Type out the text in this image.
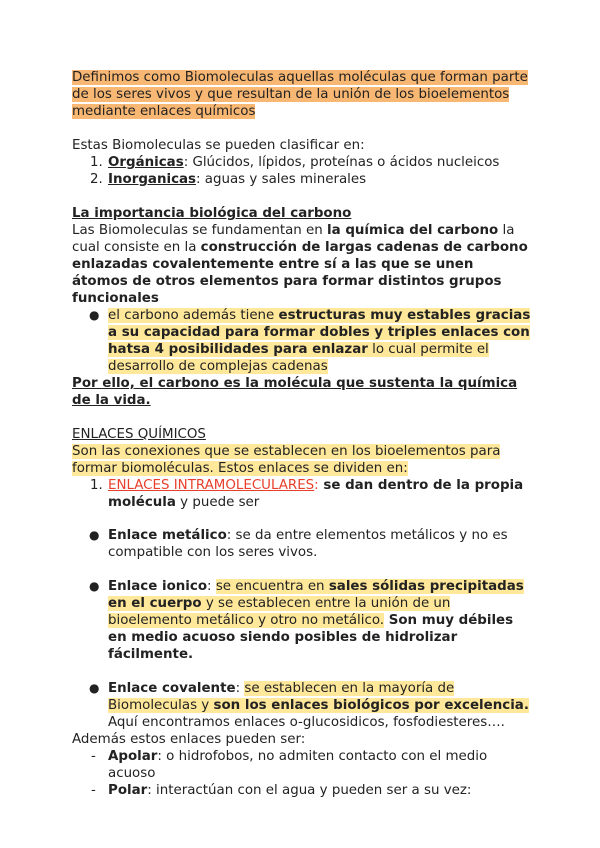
Definimos como Biomoleculas aquellas moléculas que forman parte de los seres vivos y que resultan de la unión de los bioelementos mediante enlaces químicos

Estas Biomoleculas se pueden clasificar en:

1. Orgánicas: Glúcidos, lípidos, proteínas o ácidos nucleicos
2. Inorganicas: aguas y sales minerales

La importancia biológica del carbono

Las Biomoleculas se fundamentan en la química del carbono la cual consiste en la construcción de largas cadenas de carbono enlazadas covalentemente entre sí a las que se unen átomos de otros elementos para formar distintos grupos funcionales

● el carbono además tiene estructuras muy estables gracias a su capacidad para formar dobles y triples enlaces con hatsa 4 posibilidades para enlazar lo cual permite el desarrollo de complejas cadenas

Por ello, el carbono es la molécula que sustenta la química de la vida.

ENLACES QUÍMICOS

Son las conexiones que se establecen en los bioelementos para formar biomoléculas. Estos enlaces se dividen en:

1. ENLACES INTRAMOLECULARES: se dan dentro de la propia molécula y puede ser
● Enlace metálico: se da entre elementos metálicos y no es compatible con los seres vivos.
● Enlace ionico: se encuentra en sales sólidas precipitadas en el cuerpo y se establecen entre la unión de un bioelemento metálico y otro no metálico. Son muy débiles en medio acuoso siendo posibles de hidrolizar fácilmente.
● Enlace covalente: se establecen en la mayoría de Biomoleculas y son los enlaces biológicos por excelencia.

Aquí encontramos enlaces o-glucosidicos, fosfodiesteres….

Además estos enlaces pueden ser:

- Apolar: o hidrofobos, no admiten contacto con el medio acuoso
- Polar: interactúan con el agua y pueden ser a su vez:
